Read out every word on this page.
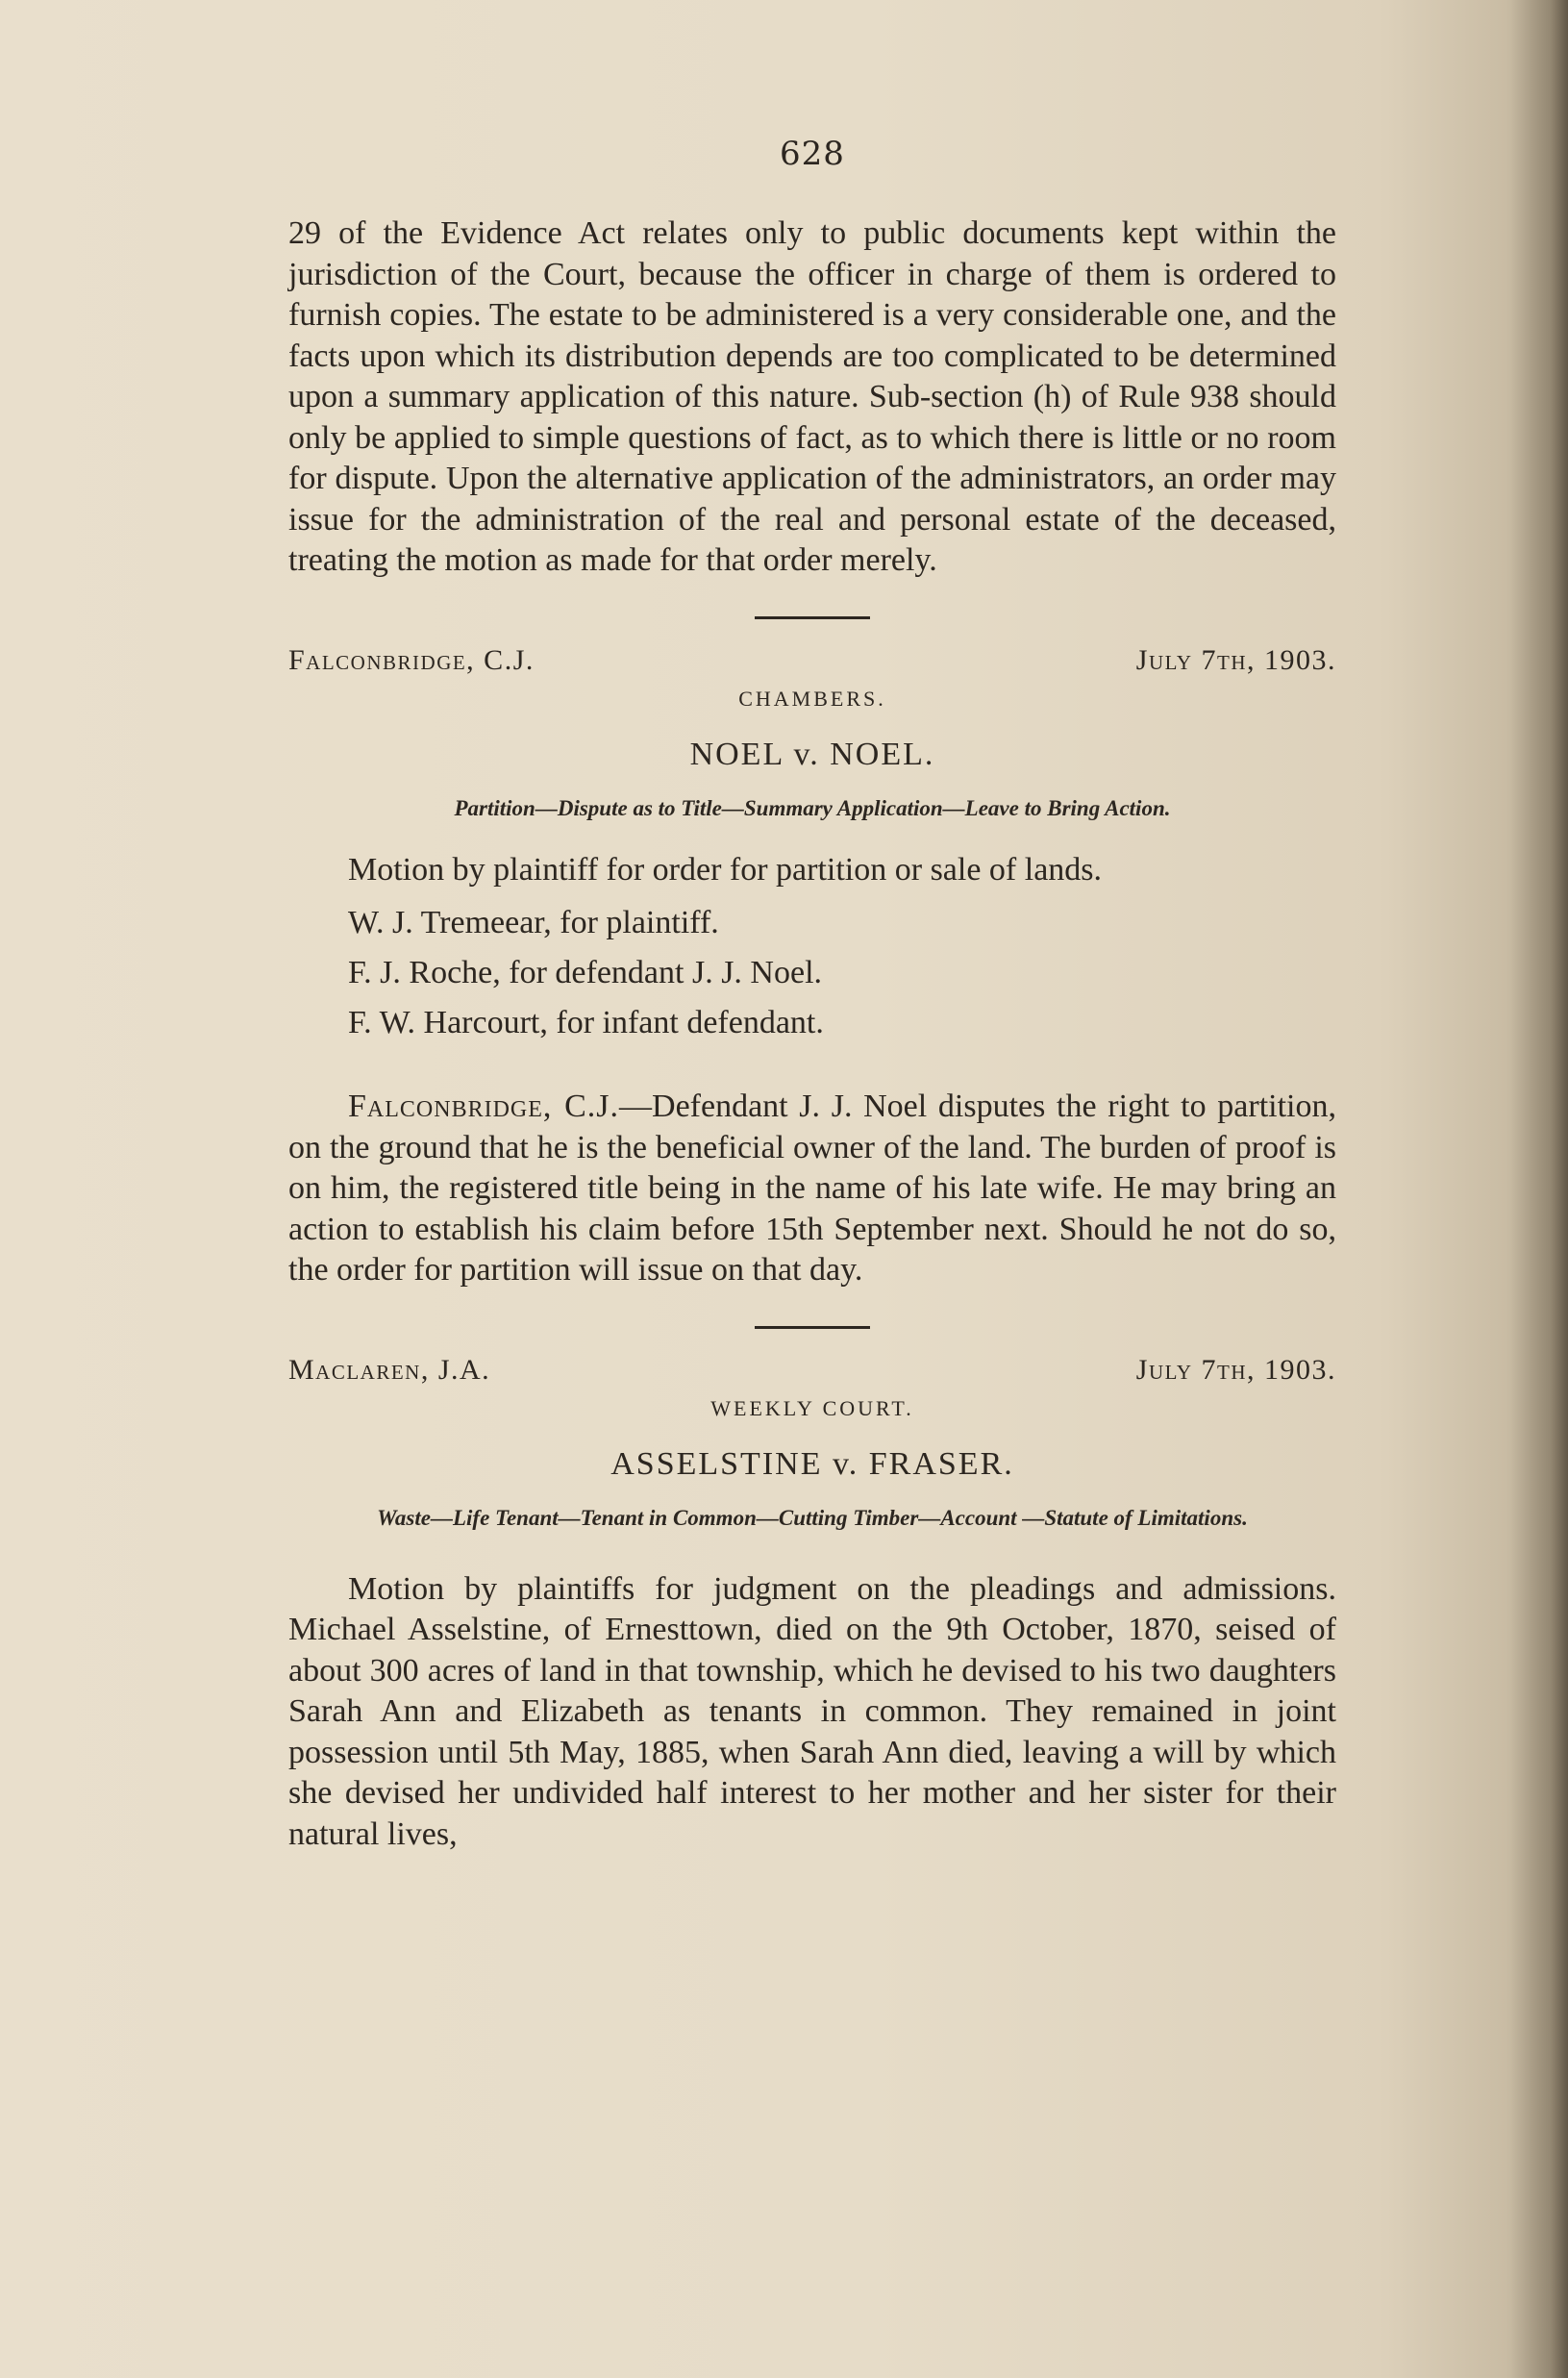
628

29 of the Evidence Act relates only to public documents kept within the jurisdiction of the Court, because the officer in charge of them is ordered to furnish copies. The estate to be administered is a very considerable one, and the facts upon which its distribution depends are too complicated to be determined upon a summary application of this nature. Sub-section (h) of Rule 938 should only be applied to simple questions of fact, as to which there is little or no room for dispute. Upon the alternative application of the administrators, an order may issue for the administration of the real and personal estate of the deceased, treating the motion as made for that order merely.

Falconbridge, C.J.	July 7th, 1903.
CHAMBERS.
NOEL v. NOEL.

Partition—Dispute as to Title—Summary Application—Leave to Bring Action.

Motion by plaintiff for order for partition or sale of lands.

W. J. Tremeear, for plaintiff.
F. J. Roche, for defendant J. J. Noel.
F. W. Harcourt, for infant defendant.

Falconbridge, C.J.—Defendant J. J. Noel disputes the right to partition, on the ground that he is the beneficial owner of the land. The burden of proof is on him, the registered title being in the name of his late wife. He may bring an action to establish his claim before 15th September next. Should he not do so, the order for partition will issue on that day.

Maclaren, J.A.	July 7th, 1903.
WEEKLY COURT.
ASSELSTINE v. FRASER.

Waste—Life Tenant—Tenant in Common—Cutting Timber—Account —Statute of Limitations.

Motion by plaintiffs for judgment on the pleadings and admissions. Michael Asselstine, of Ernesttown, died on the 9th October, 1870, seised of about 300 acres of land in that township, which he devised to his two daughters Sarah Ann and Elizabeth as tenants in common. They remained in joint possession until 5th May, 1885, when Sarah Ann died, leaving a will by which she devised her undivided half interest to her mother and her sister for their natural lives,
